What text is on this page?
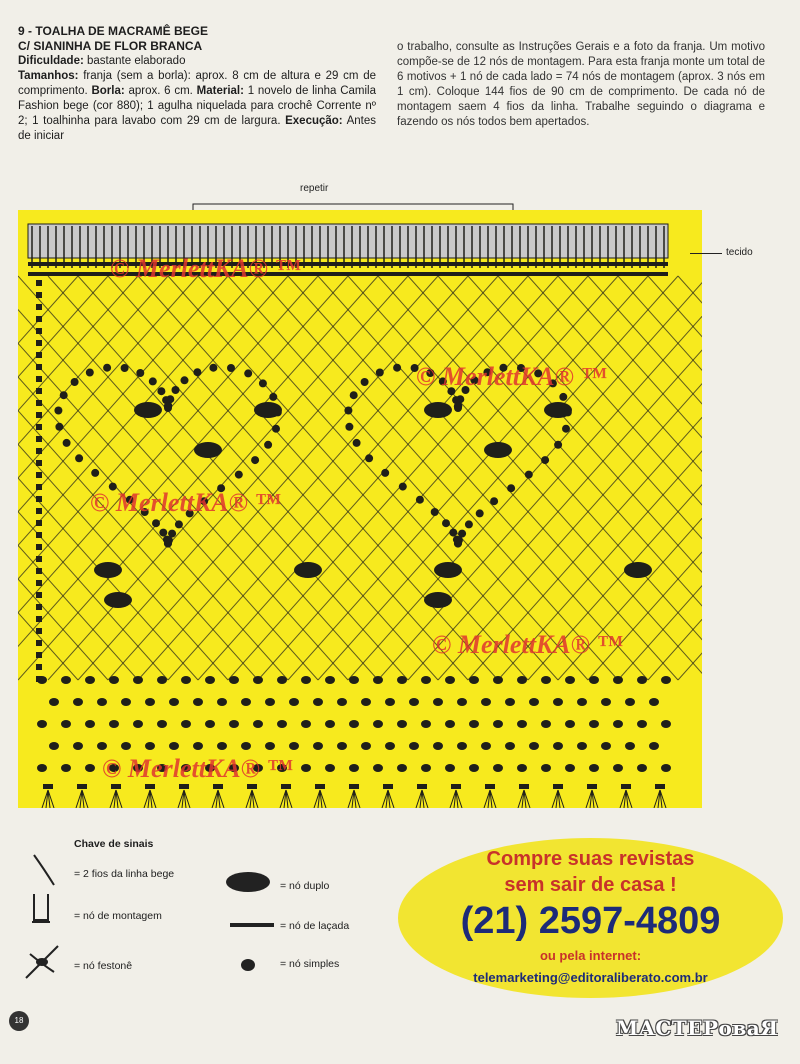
9 - TOALHA DE MACRAMÊ BEGE
C/ SIANINHA DE FLOR BRANCA
Dificuldade: bastante elaborado
Tamanhos: franja (sem a borla): aprox. 8 cm de altura e 29 cm de comprimento. Borla: aprox. 6 cm. Material: 1 novelo de linha Camila Fashion bege (cor 880); 1 agulha niquelada para crochê Corrente nº 2; 1 toalhinha para lavabo com 29 cm de largura. Execução: Antes de iniciar
o trabalho, consulte as Instruções Gerais e a foto da franja. Um motivo compõe-se de 12 nós de montagem. Para esta franja monte um total de 6 motivos + 1 nó de cada lado = 74 nós de montagem (aprox. 3 nós em 1 cm). Coloque 144 fios de 90 cm de comprimento. De cada nó de montagem saem 4 fios da linha. Trabalhe seguindo o diagrama e fazendo os nós todos bem apertados.
repetir
© MerlettKA® ™
© MerlettKA® ™
© MerlettKA® ™
© MerlettKA® ™
© MerlettKA® ™
tecido
Chave de sinais
= 2 fios da linha bege
= nó de montagem
= nó festonê
= nó duplo
= nó de laçada
= nó simples
Compre suas revistas
sem sair de casa !
(21) 2597-4809
ou pela internet:
telemarketing@editoraliberato.com.br
18	МАСТЕРоваЯ
